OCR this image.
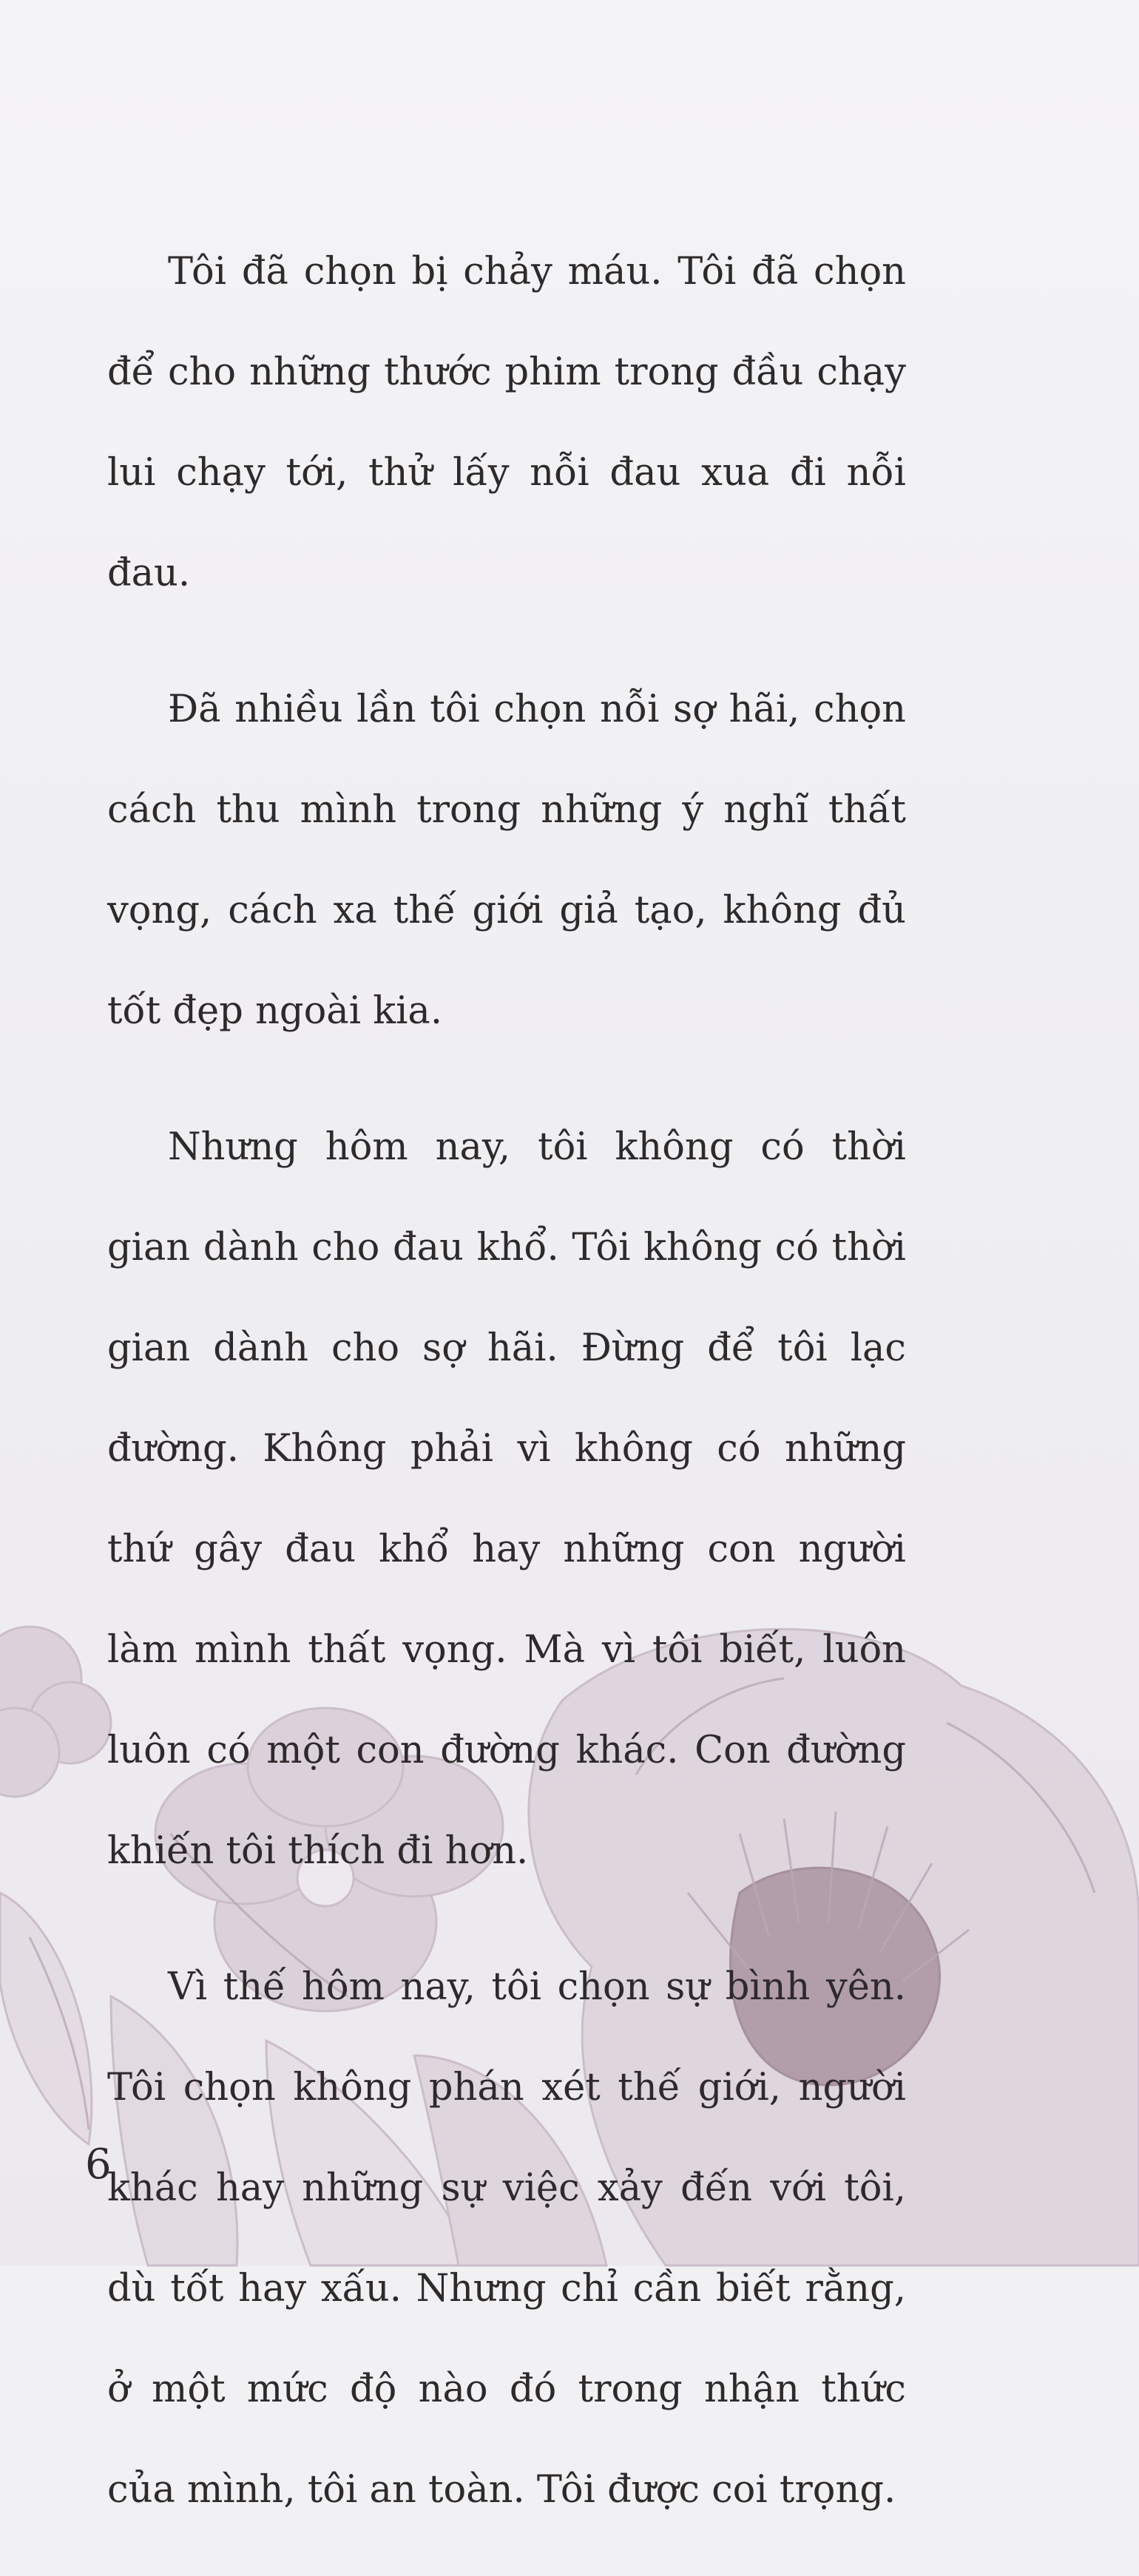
Tôi đã chọn bị chảy máu. Tôi đã chọn để cho những thước phim trong đầu chạy lui chạy tới, thử lấy nỗi đau xua đi nỗi đau.

Đã nhiều lần tôi chọn nỗi sợ hãi, chọn cách thu mình trong những ý nghĩ thất vọng, cách xa thế giới giả tạo, không đủ tốt đẹp ngoài kia.

Nhưng hôm nay, tôi không có thời gian dành cho đau khổ. Tôi không có thời gian dành cho sợ hãi. Đừng để tôi lạc đường. Không phải vì không có những thứ gây đau khổ hay những con người làm mình thất vọng. Mà vì tôi biết, luôn luôn có một con đường khác. Con đường khiến tôi thích đi hơn.

Vì thế hôm nay, tôi chọn sự bình yên. Tôi chọn không phán xét thế giới, người khác hay những sự việc xảy đến với tôi, dù tốt hay xấu. Nhưng chỉ cần biết rằng, ở một mức độ nào đó trong nhận thức của mình, tôi an toàn. Tôi được coi trọng.

6
